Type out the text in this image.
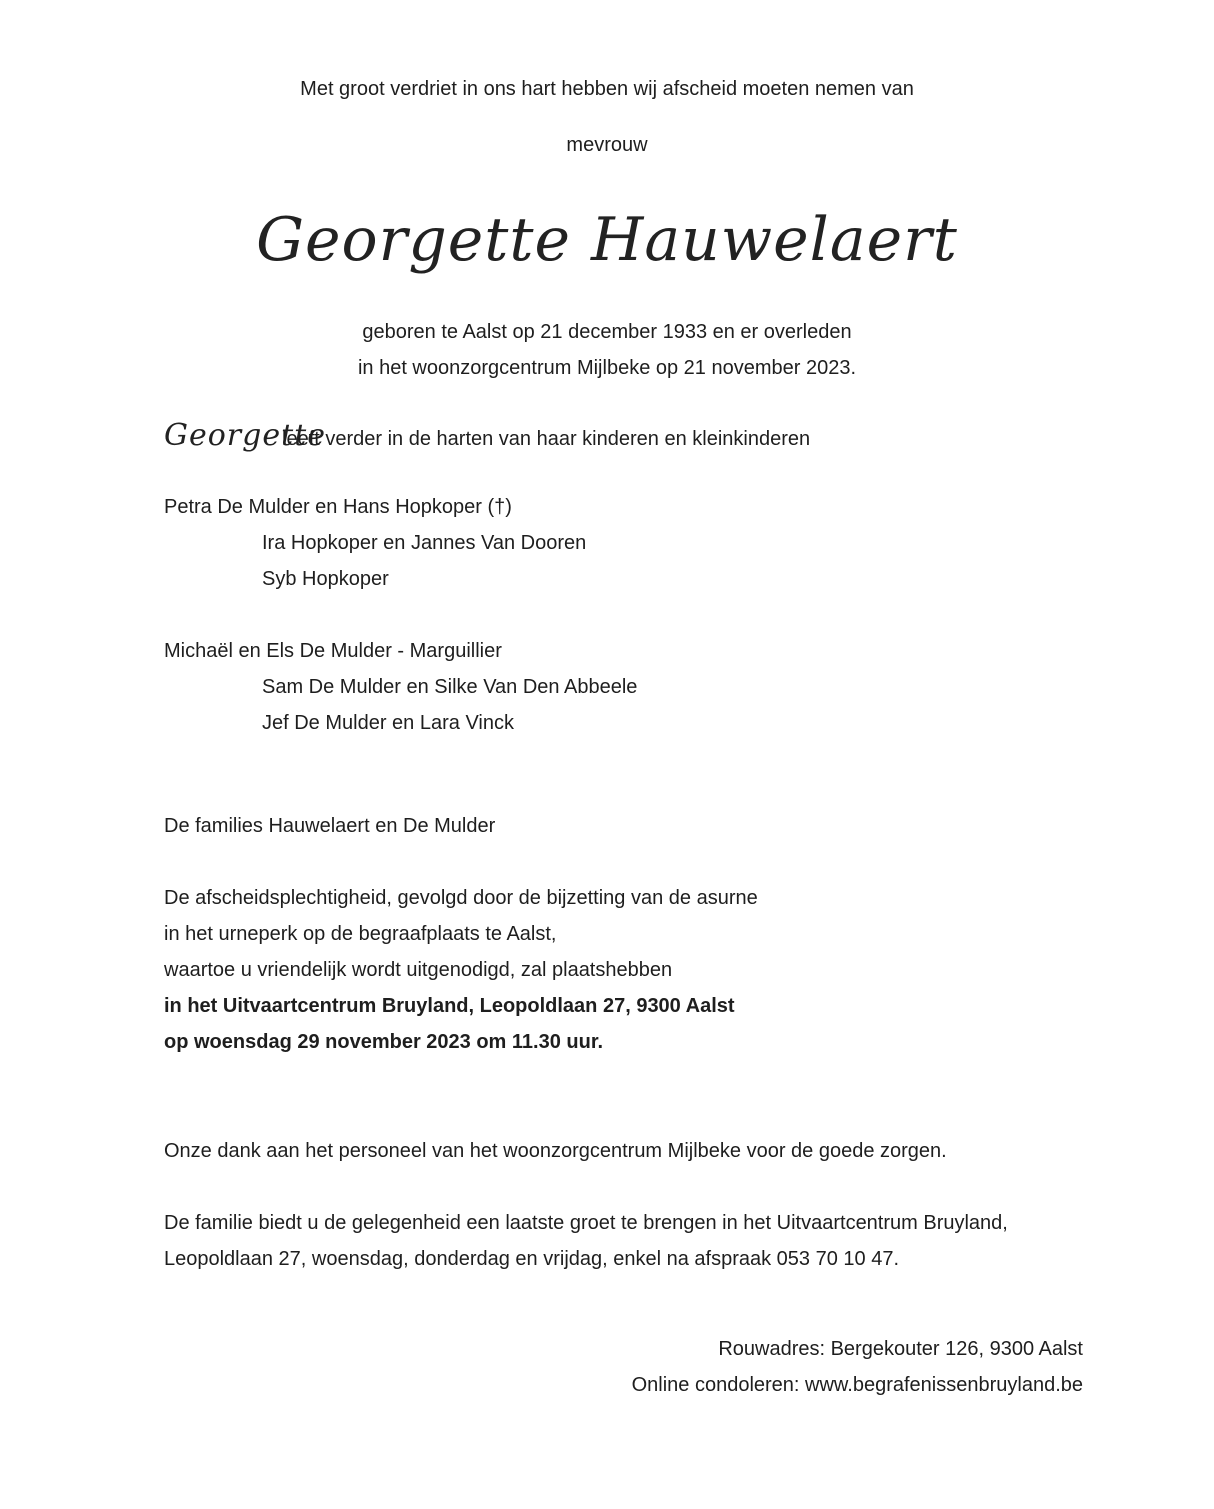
Met groot verdriet in ons hart hebben wij afscheid moeten nemen van
mevrouw
Georgette Hauwelaert
geboren te Aalst op 21 december 1933 en er overleden
in het woonzorgcentrum Mijlbeke op 21 november 2023.
Georgette
leeft verder in de harten van haar kinderen en kleinkinderen
Petra De Mulder en Hans Hopkoper (†)
Ira Hopkoper en Jannes Van Dooren
Syb Hopkoper
Michaël en Els De Mulder - Marguillier
Sam De Mulder en Silke Van Den Abbeele
Jef De Mulder en Lara Vinck
De families Hauwelaert en De Mulder
De afscheidsplechtigheid, gevolgd door de bijzetting van de asurne
in het urneperk op de begraafplaats te Aalst,
waartoe u vriendelijk wordt uitgenodigd, zal plaatshebben
in het Uitvaartcentrum Bruyland, Leopoldlaan 27, 9300 Aalst
op woensdag 29 november 2023 om 11.30 uur.
Onze dank aan het personeel van het woonzorgcentrum Mijlbeke voor de goede zorgen.
De familie biedt u de gelegenheid een laatste groet te brengen in het Uitvaartcentrum Bruyland,
Leopoldlaan 27, woensdag, donderdag en vrijdag, enkel na afspraak 053 70 10 47.
Rouwadres: Bergekouter 126, 9300 Aalst
Online condoleren: www.begrafenissenbruyland.be
